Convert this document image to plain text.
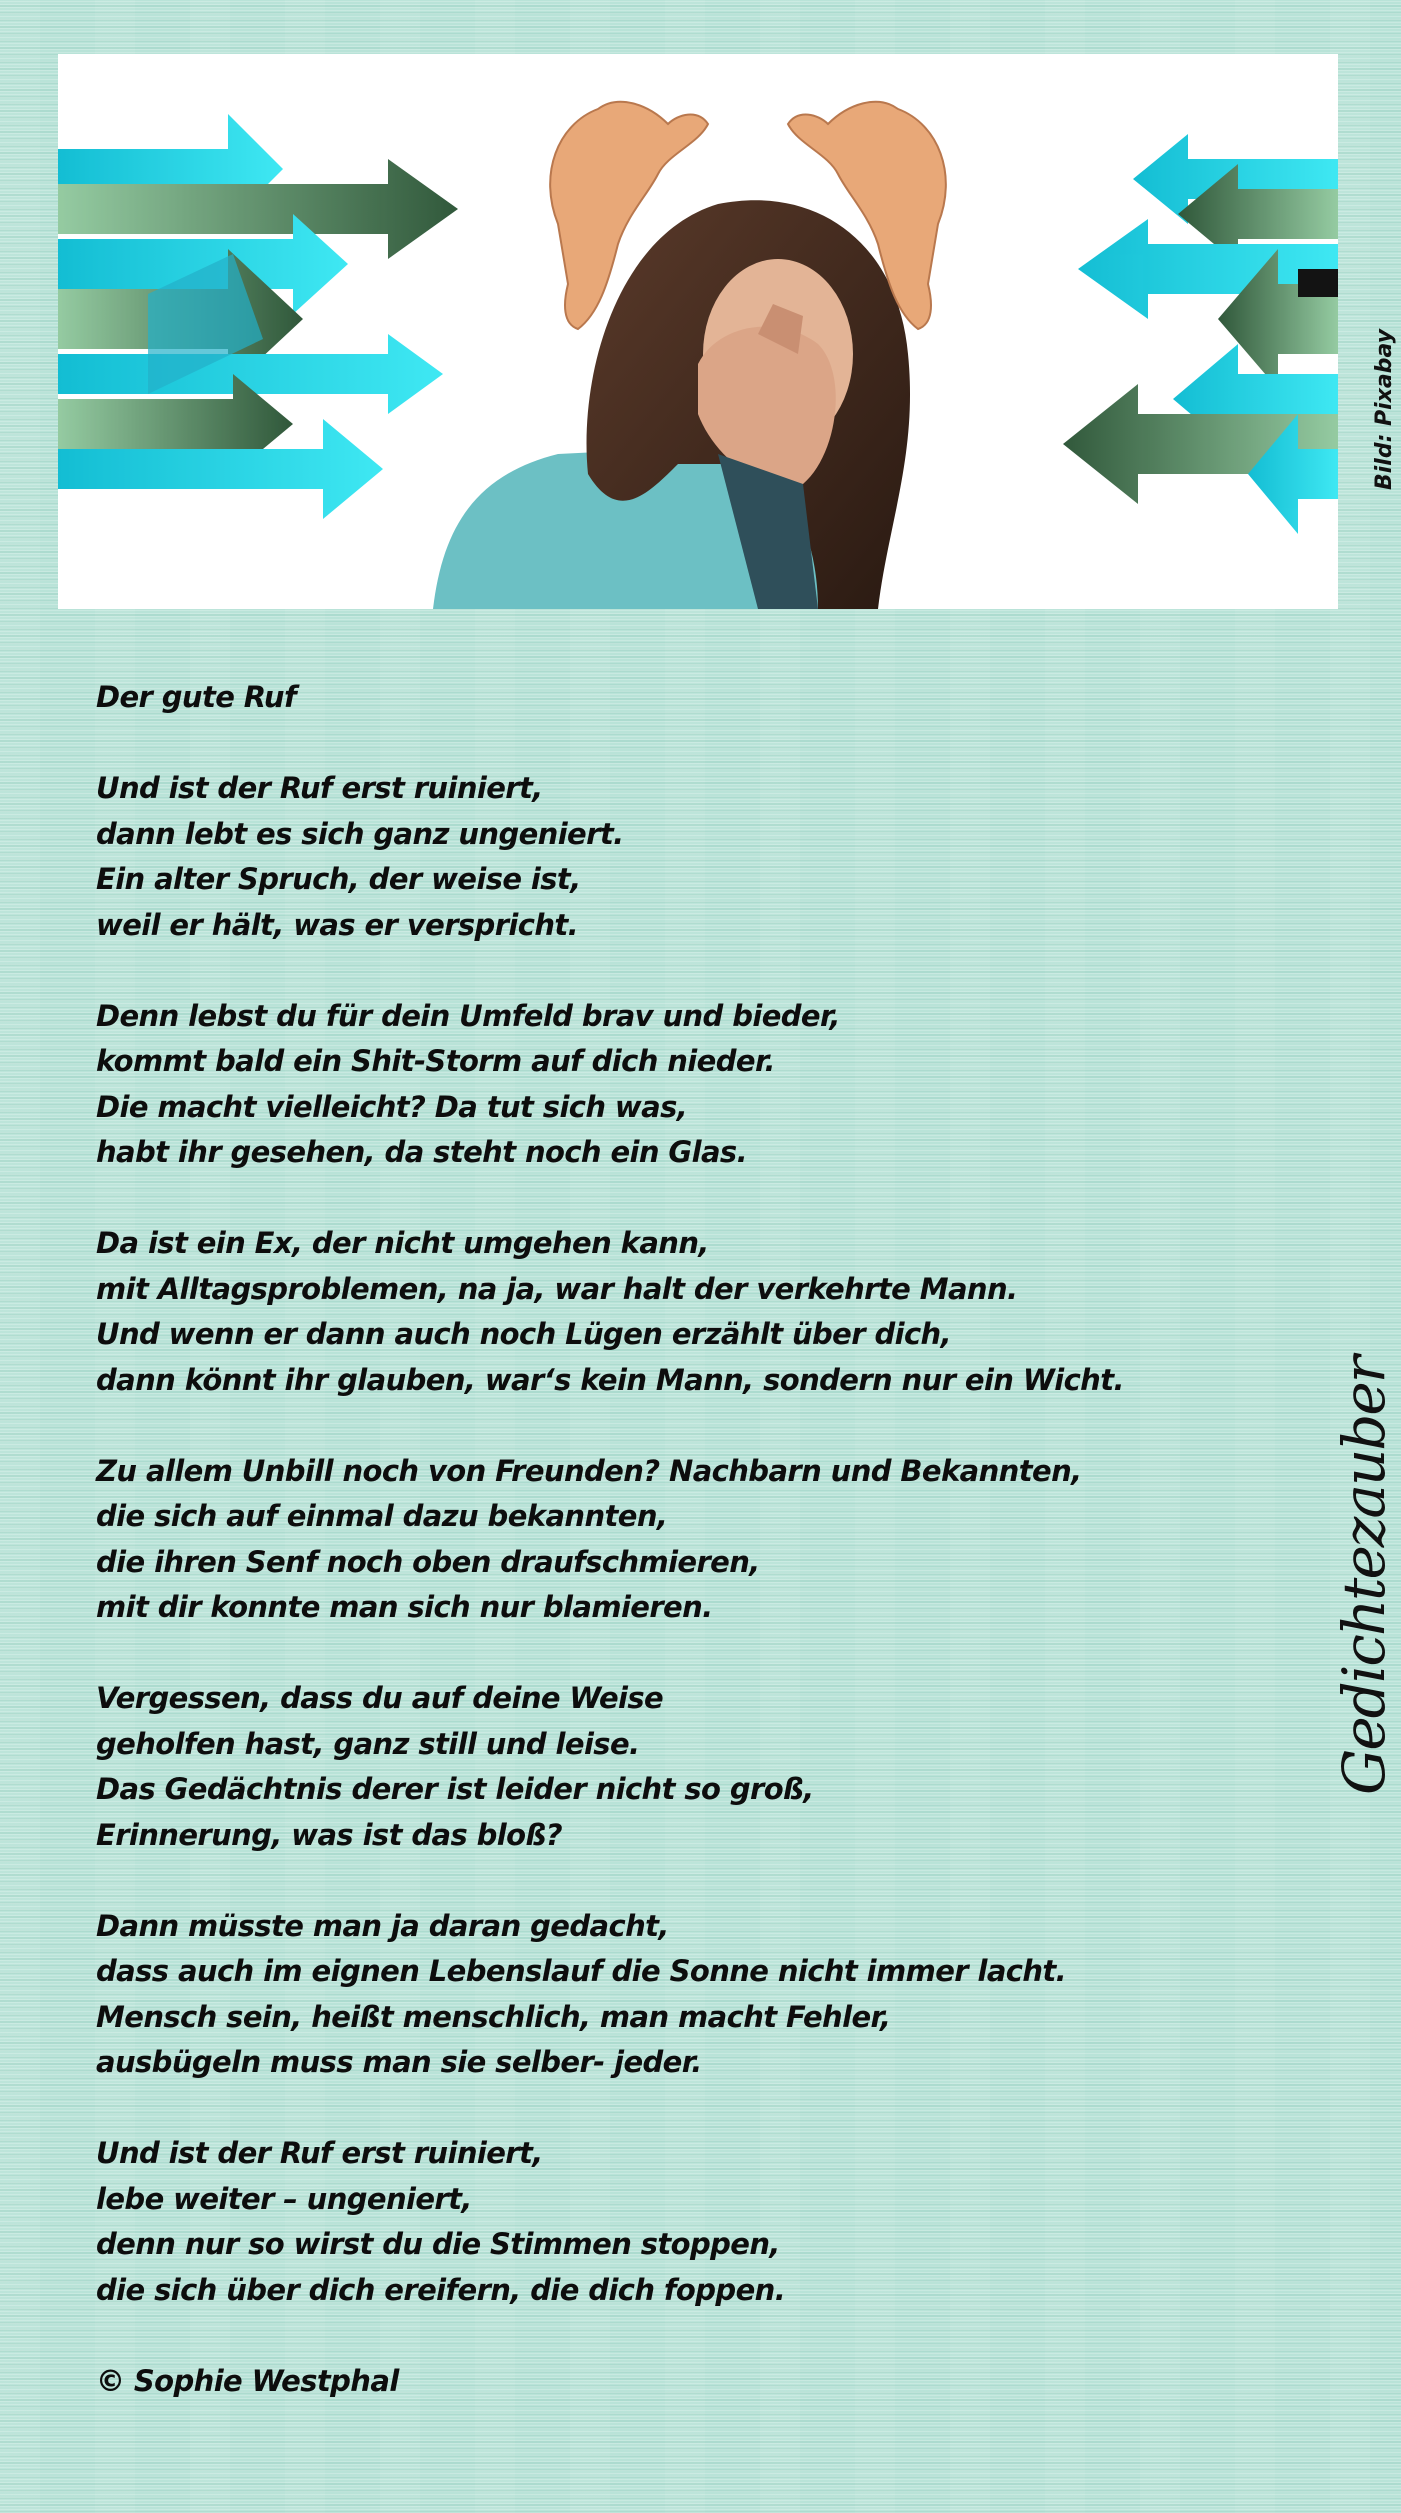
Bild: Pixabay

Der gute Ruf

Und ist der Ruf erst ruiniert,

dann lebt es sich ganz ungeniert.

Ein alter Spruch, der weise ist,

weil er hält, was er verspricht.

Denn lebst du für dein Umfeld brav und bieder,

kommt bald ein Shit-Storm auf dich nieder.

Die macht vielleicht? Da tut sich was,

habt ihr gesehen, da steht noch ein Glas.

Da ist ein Ex, der nicht umgehen kann,

mit Alltagsproblemen, na ja, war halt der verkehrte Mann.

Und wenn er dann auch noch Lügen erzählt über dich,

dann könnt ihr glauben, war‘s kein Mann, sondern nur ein Wicht.

Zu allem Unbill noch von Freunden? Nachbarn und Bekannten,

die sich auf einmal dazu bekannten,

die ihren Senf noch oben draufschmieren,

mit dir konnte man sich nur blamieren.

Vergessen, dass du auf deine Weise

geholfen hast, ganz still und leise.

Das Gedächtnis derer ist leider nicht so groß,

Erinnerung, was ist das bloß?

Dann müsste man ja daran gedacht,

dass auch im eignen Lebenslauf die Sonne nicht immer lacht.

Mensch sein, heißt menschlich, man macht Fehler,

ausbügeln muss man sie selber- jeder.

Und ist der Ruf erst ruiniert,

lebe weiter – ungeniert,

denn nur so wirst du die Stimmen stoppen,

die sich über dich ereifern, die dich foppen.

© Sophie Westphal

Gedichtezauber
